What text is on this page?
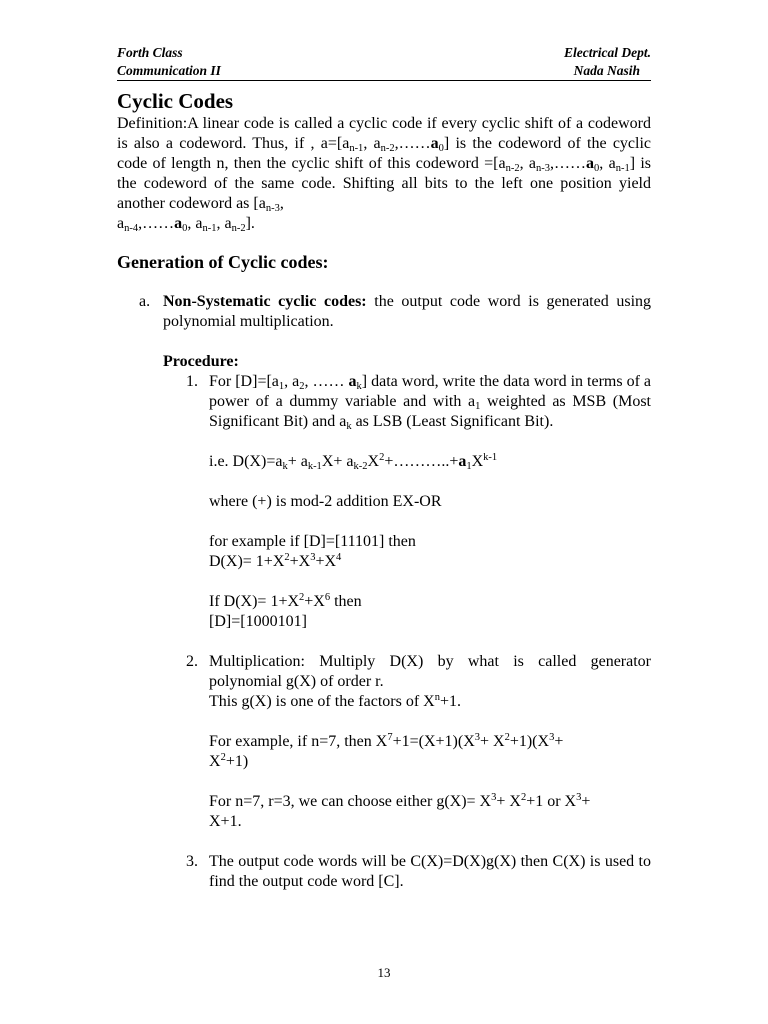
Forth Class	Electrical Dept.
Communication II	Nada Nasih
Cyclic Codes

Definition:A linear code is called a cyclic code if every cyclic shift of a codeword is also a codeword. Thus, if , $a=[a_{n-1}$, $a_{n-2},\dots\dots a_0$] is the codeword of the cyclic code of length n, then the cyclic shift of this codeword $=[a_{n-2}$, $a_{n-3},\dots\dots a_0$, $a_{n-1}$] is the codeword of the same code. Shifting all bits to the left one position yield another codeword as [$a_{n-3}$,
$a_{n-4},\dots\dots a_0$, $a_{n-1}$, $a_{n-2}$].

Generation of Cyclic codes:
a. Non-Systematic cyclic codes: the output code word is generated using polynomial multiplication.
Procedure:
1. For $[D]=[a_1$, $a_2$, …… $a_k$] data word, write the data word in terms of a power of a dummy variable and with $a_1$ weighted as MSB (Most Significant Bit) and $a_k$ as LSB (Least Significant Bit).
i.e. $D(X)=a_k+ a_{k-1}X+$ $a_{k-2}X^2+\dots\dots\dots..+a_1X^{k-1}$
where (+) is mod-2 addition EX-OR
for example if [D]=[11101] then
$D(X)= 1+X^2+X^3+X^4$
If $D(X)= 1+X^2+X^6$ then
[D]=[1000101]
2. Multiplication: Multiply D(X) by what is called generator polynomial g(X) of order r.
This g(X) is one of the factors of $X^n+1$.
For example, if n=7, then $X^7+1=(X+1)(X^3+ X^2+1)(X^3+$
$X^2+1$)
For n=7, r=3, we can choose either $g(X)= X^3+ X^2+1$ or $X^3+$
X+1.
3. The output code words will be C(X)=D(X)g(X) then C(X) is used to find the output code word [C].
13
